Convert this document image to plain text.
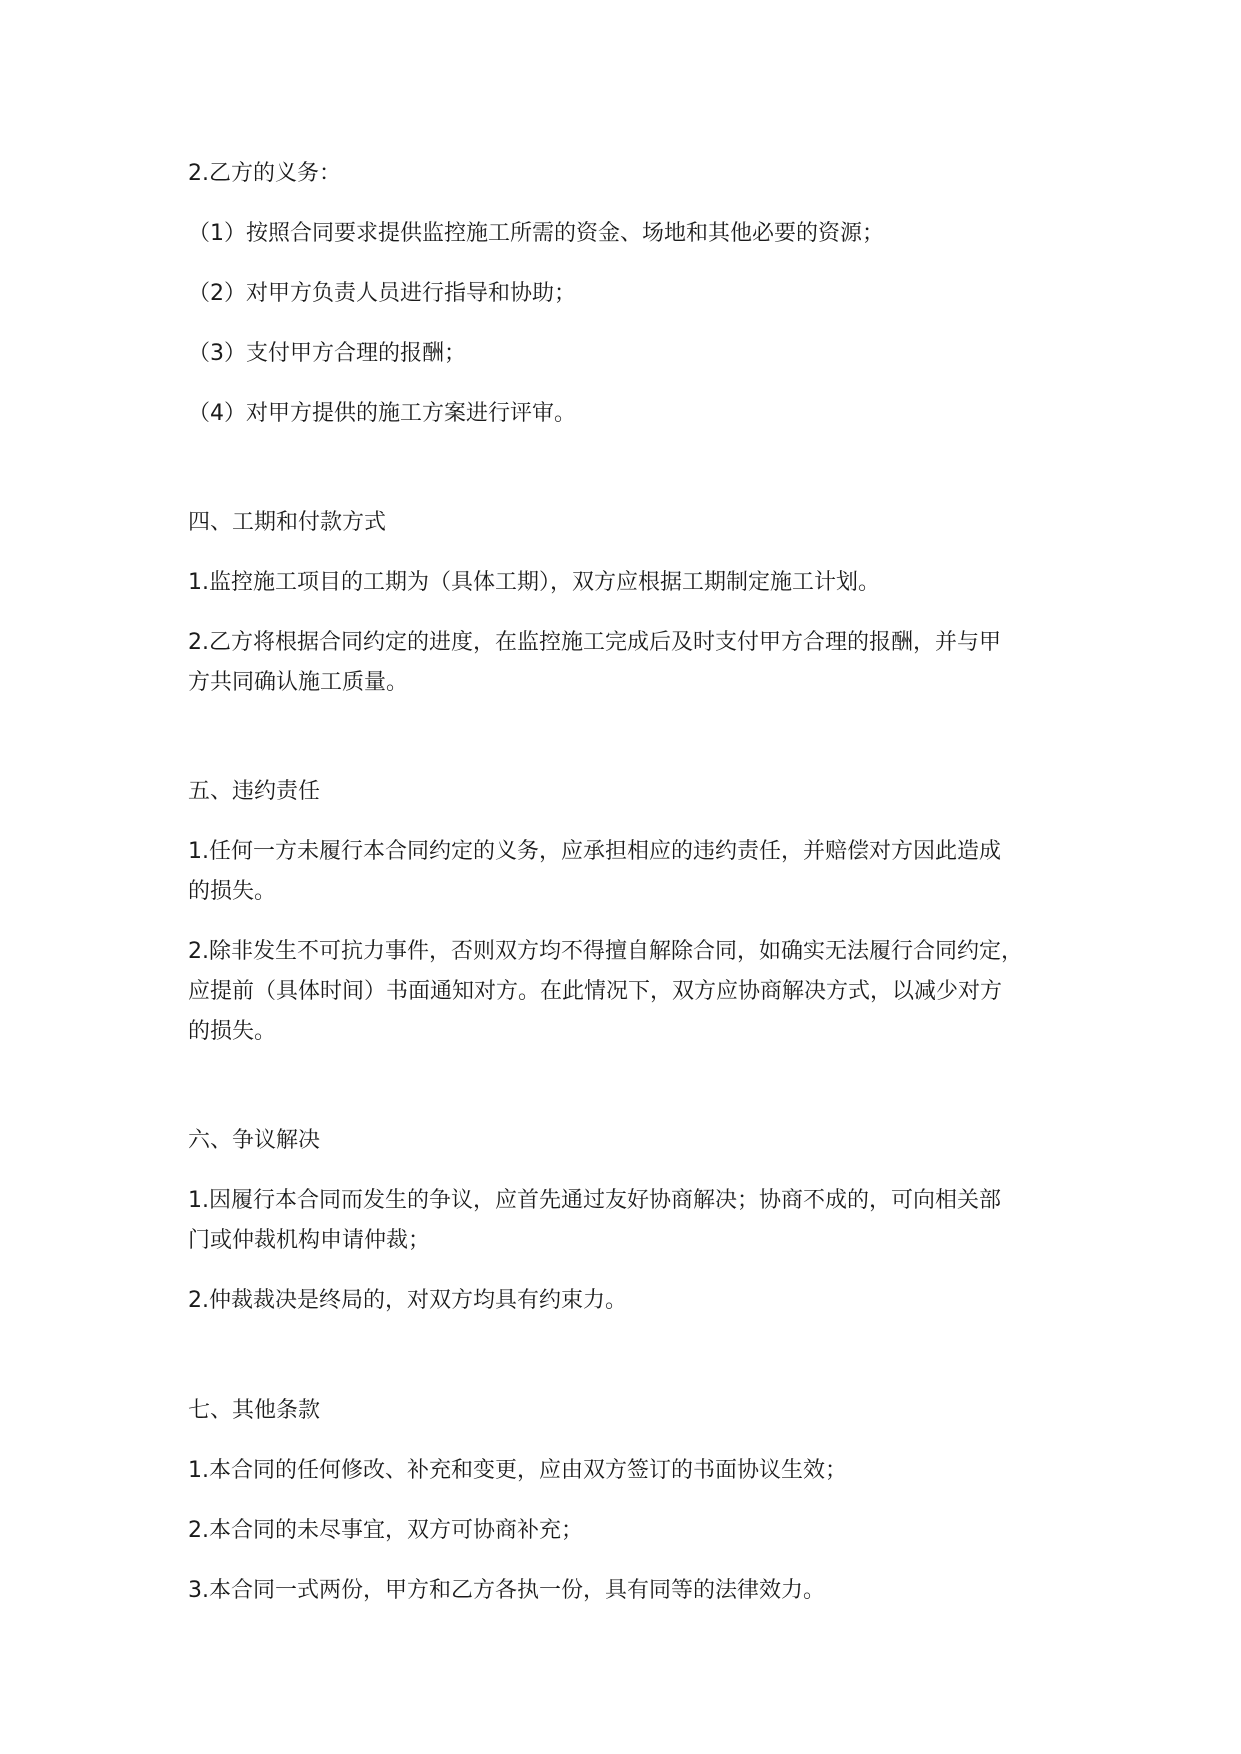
2.乙方的义务：

（1）按照合同要求提供监控施工所需的资金、场地和其他必要的资源；

（2）对甲方负责人员进行指导和协助；

（3）支付甲方合理的报酬；

（4）对甲方提供的施工方案进行评审。

四、工期和付款方式

1.监控施工项目的工期为（具体工期），双方应根据工期制定施工计划。

2.乙方将根据合同约定的进度，在监控施工完成后及时支付甲方合理的报酬，并与甲
方共同确认施工质量。

五、违约责任

1.任何一方未履行本合同约定的义务，应承担相应的违约责任，并赔偿对方因此造成
的损失。

2.除非发生不可抗力事件，否则双方均不得擅自解除合同，如确实无法履行合同约定，
应提前（具体时间）书面通知对方。在此情况下，双方应协商解决方式，以减少对方
的损失。

六、争议解决

1.因履行本合同而发生的争议，应首先通过友好协商解决；协商不成的，可向相关部
门或仲裁机构申请仲裁；

2.仲裁裁决是终局的，对双方均具有约束力。

七、其他条款

1.本合同的任何修改、补充和变更，应由双方签订的书面协议生效；

2.本合同的未尽事宜，双方可协商补充；

3.本合同一式两份，甲方和乙方各执一份，具有同等的法律效力。
